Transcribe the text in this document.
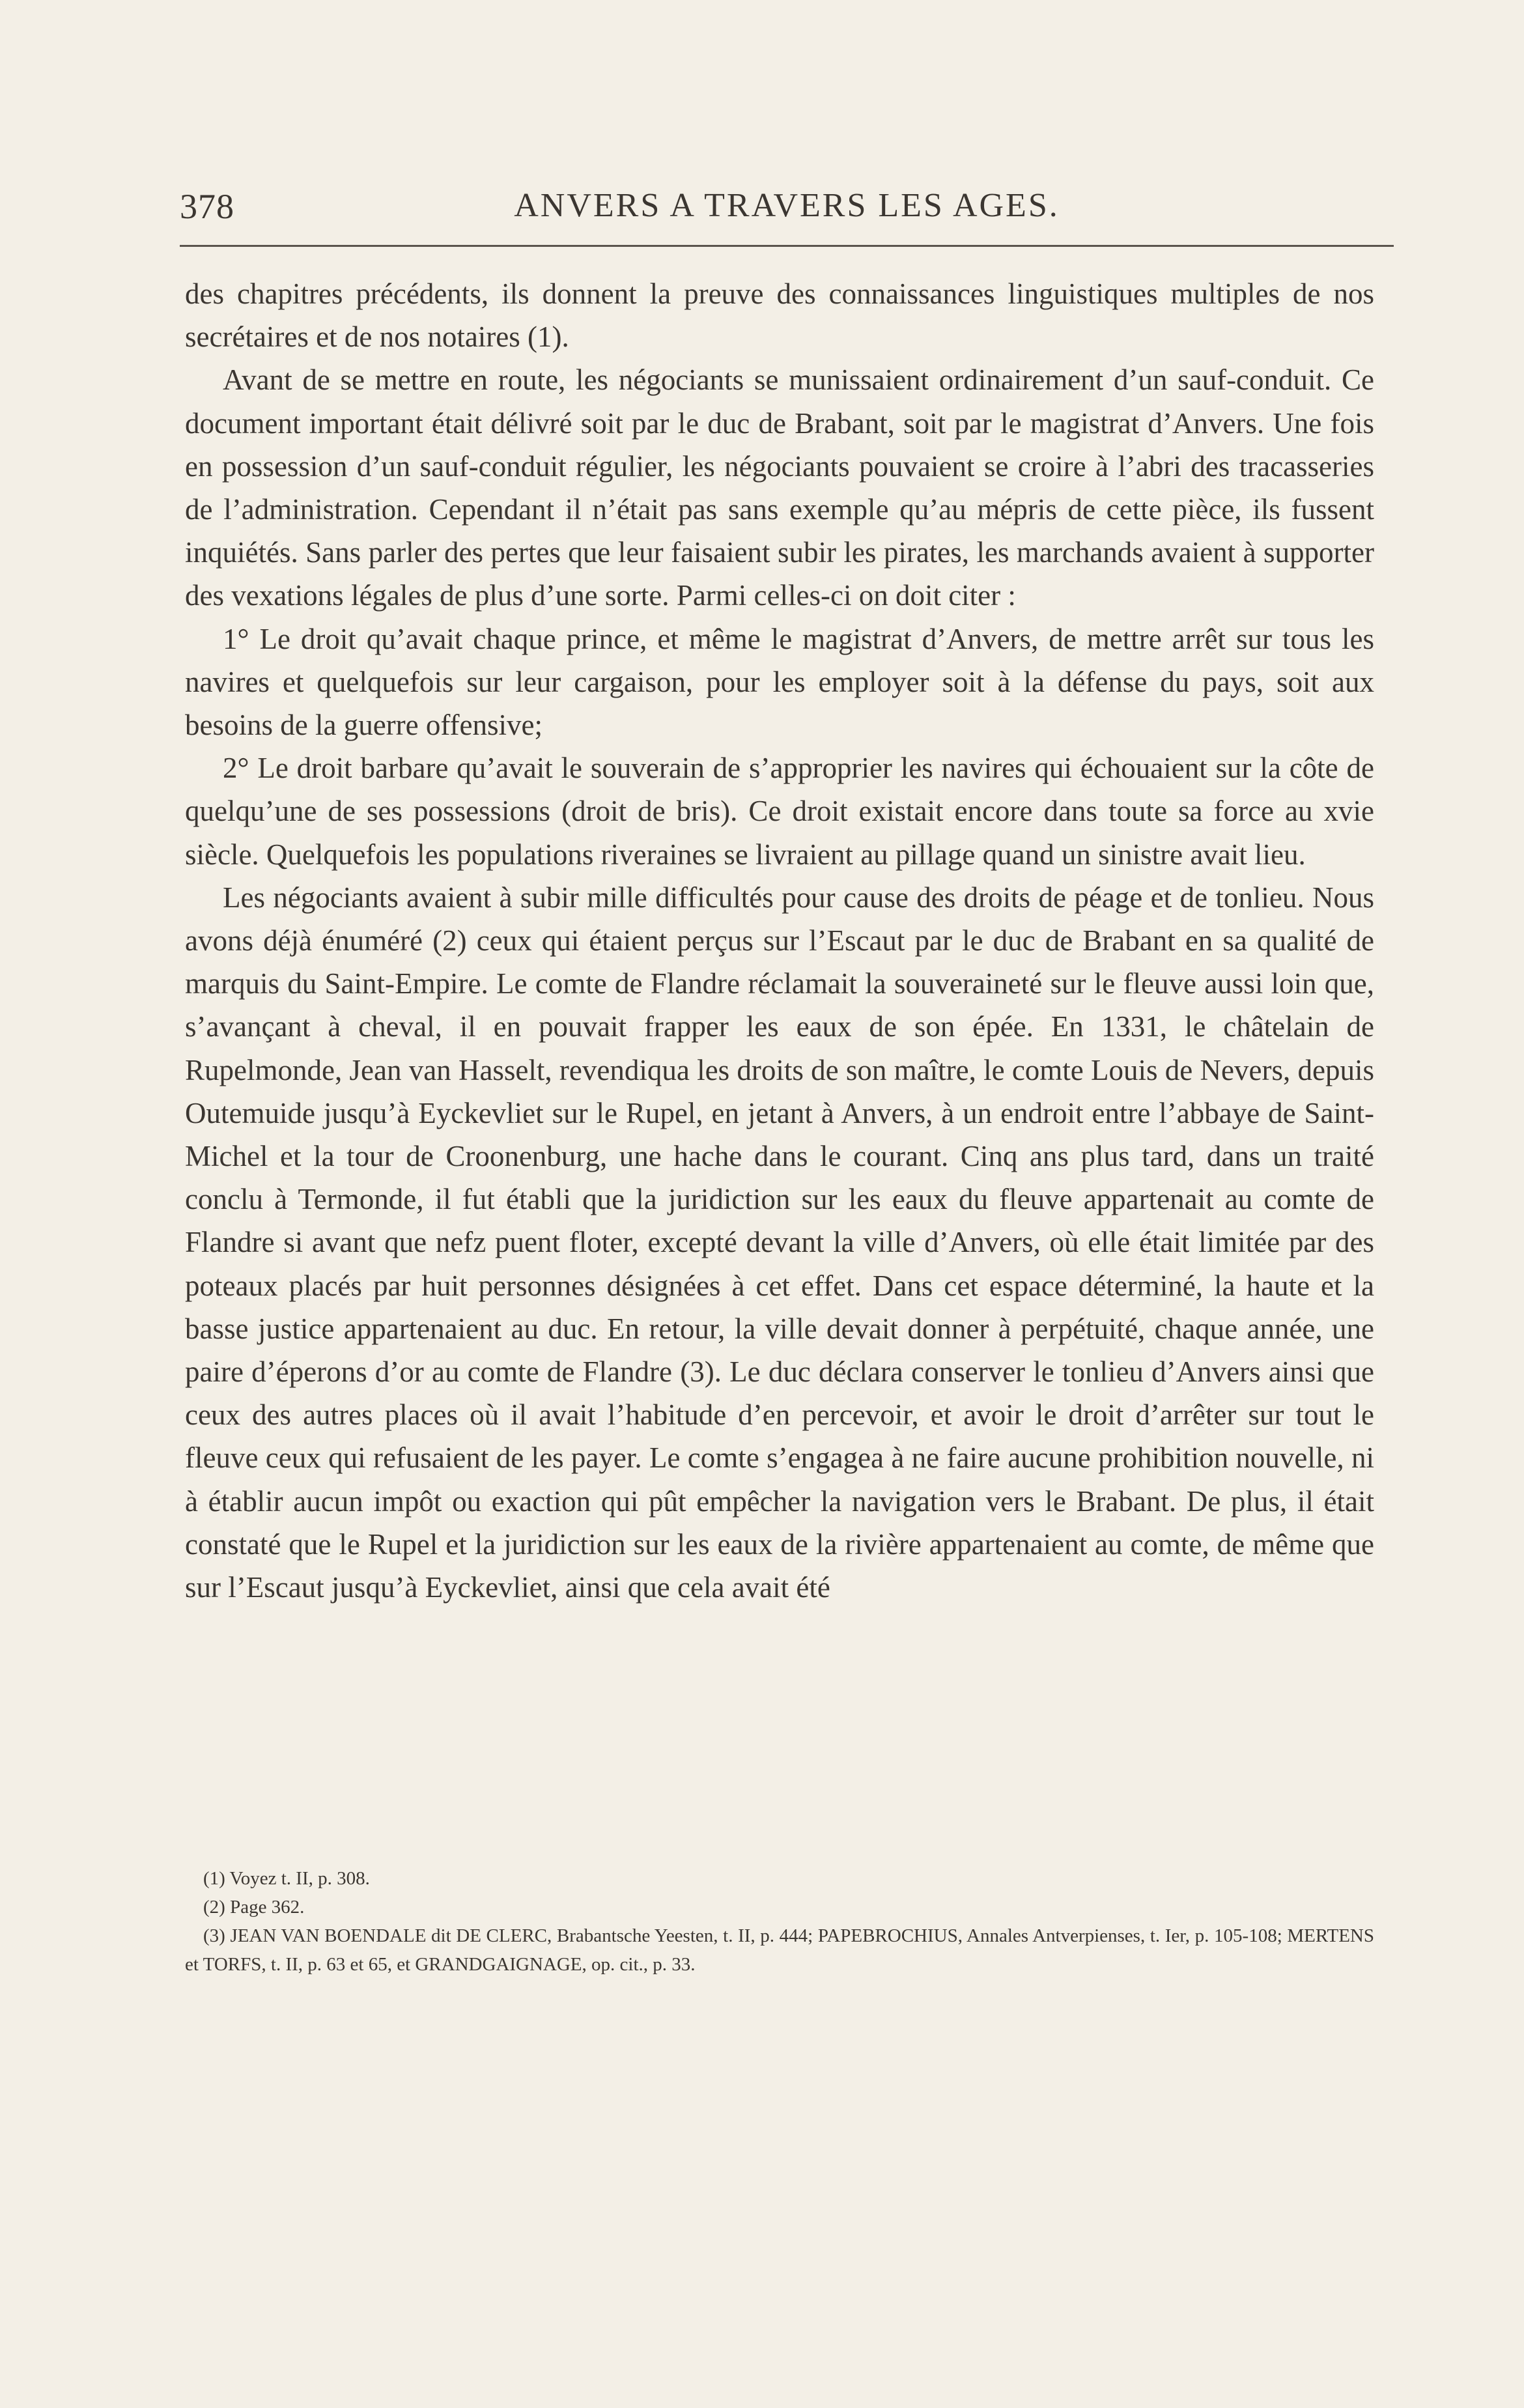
378	ANVERS A TRAVERS LES AGES.

des chapitres précédents, ils donnent la preuve des connaissances linguistiques multiples de nos secrétaires et de nos notaires (1).

Avant de se mettre en route, les négociants se munissaient ordinairement d’un sauf-conduit. Ce document important était délivré soit par le duc de Brabant, soit par le magistrat d’Anvers. Une fois en possession d’un sauf-conduit régulier, les négociants pouvaient se croire à l’abri des tracasseries de l’administration. Cependant il n’était pas sans exemple qu’au mépris de cette pièce, ils fussent inquiétés. Sans parler des pertes que leur faisaient subir les pirates, les marchands avaient à supporter des vexations légales de plus d’une sorte. Parmi celles-ci on doit citer :

1° Le droit qu’avait chaque prince, et même le magistrat d’Anvers, de mettre arrêt sur tous les navires et quelquefois sur leur cargaison, pour les employer soit à la défense du pays, soit aux besoins de la guerre offensive;

2° Le droit barbare qu’avait le souverain de s’approprier les navires qui échouaient sur la côte de quelqu’une de ses possessions (droit de bris). Ce droit existait encore dans toute sa force au xvie siècle. Quelquefois les populations riveraines se livraient au pillage quand un sinistre avait lieu.

Les négociants avaient à subir mille difficultés pour cause des droits de péage et de tonlieu. Nous avons déjà énuméré (2) ceux qui étaient perçus sur l’Escaut par le duc de Brabant en sa qualité de marquis du Saint-Empire. Le comte de Flandre réclamait la souveraineté sur le fleuve aussi loin que, s’avançant à cheval, il en pouvait frapper les eaux de son épée. En 1331, le châtelain de Rupelmonde, Jean van Hasselt, revendiqua les droits de son maître, le comte Louis de Nevers, depuis Outemuide jusqu’à Eyckevliet sur le Rupel, en jetant à Anvers, à un endroit entre l’abbaye de Saint-Michel et la tour de Croonenburg, une hache dans le courant. Cinq ans plus tard, dans un traité conclu à Termonde, il fut établi que la juridiction sur les eaux du fleuve appartenait au comte de Flandre si avant que nefz puent floter, excepté devant la ville d’Anvers, où elle était limitée par des poteaux placés par huit personnes désignées à cet effet. Dans cet espace déterminé, la haute et la basse justice appartenaient au duc. En retour, la ville devait donner à perpétuité, chaque année, une paire d’éperons d’or au comte de Flandre (3). Le duc déclara conserver le tonlieu d’Anvers ainsi que ceux des autres places où il avait l’habitude d’en percevoir, et avoir le droit d’arrêter sur tout le fleuve ceux qui refusaient de les payer. Le comte s’engagea à ne faire aucune prohibition nouvelle, ni à établir aucun impôt ou exaction qui pût empêcher la navigation vers le Brabant. De plus, il était constaté que le Rupel et la juridiction sur les eaux de la rivière appartenaient au comte, de même que sur l’Escaut jusqu’à Eyckevliet, ainsi que cela avait été

(1) Voyez t. II, p. 308.

(2) Page 362.

(3) JEAN VAN BOENDALE dit DE CLERC, Brabantsche Yeesten, t. II, p. 444; PAPEBROCHIUS, Annales Antverpienses, t. Ier, p. 105-108; MERTENS et TORFS, t. II, p. 63 et 65, et GRANDGAIGNAGE, op. cit., p. 33.
